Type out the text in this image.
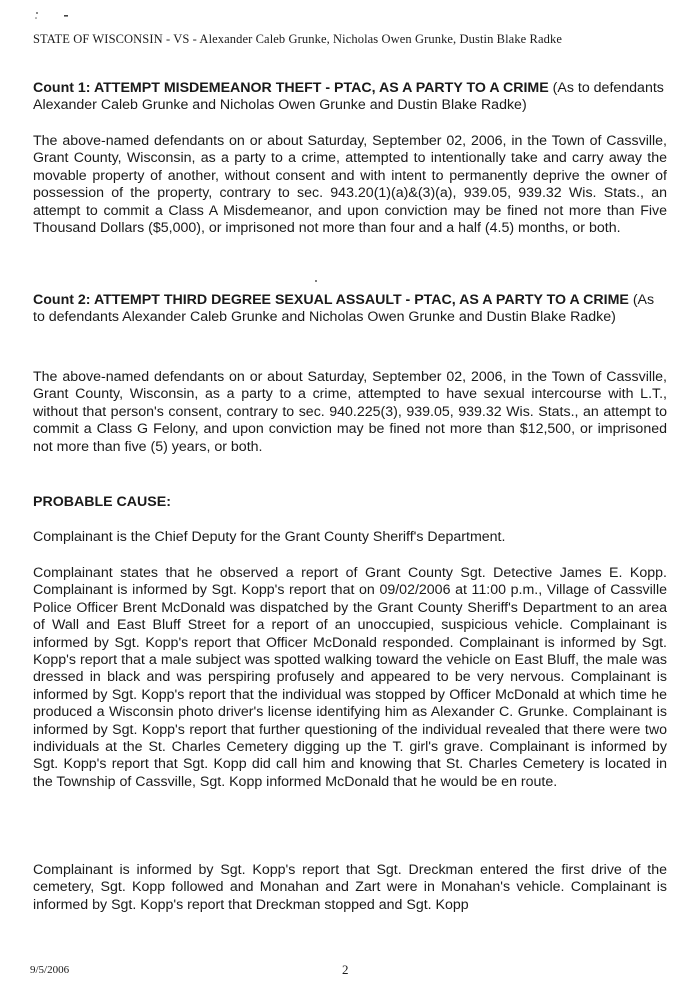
STATE OF WISCONSIN - VS - Alexander Caleb Grunke, Nicholas Owen Grunke, Dustin Blake Radke
Count 1: ATTEMPT MISDEMEANOR THEFT - PTAC, AS A PARTY TO A CRIME (As to defendants Alexander Caleb Grunke and Nicholas Owen Grunke and Dustin Blake Radke)
The above-named defendants on or about Saturday, September 02, 2006, in the Town of Cassville, Grant County, Wisconsin, as a party to a crime, attempted to intentionally take and carry away the movable property of another, without consent and with intent to permanently deprive the owner of possession of the property, contrary to sec. 943.20(1)(a)&(3)(a), 939.05, 939.32 Wis. Stats., an attempt to commit a Class A Misdemeanor, and upon conviction may be fined not more than Five Thousand Dollars ($5,000), or imprisoned not more than four and a half (4.5) months, or both.
Count 2: ATTEMPT THIRD DEGREE SEXUAL ASSAULT - PTAC, AS A PARTY TO A CRIME (As to defendants Alexander Caleb Grunke and Nicholas Owen Grunke and Dustin Blake Radke)
The above-named defendants on or about Saturday, September 02, 2006, in the Town of Cassville, Grant County, Wisconsin, as a party to a crime, attempted to have sexual intercourse with L.T., without that person's consent, contrary to sec. 940.225(3), 939.05, 939.32 Wis. Stats., an attempt to commit a Class G Felony, and upon conviction may be fined not more than $12,500, or imprisoned not more than five (5) years, or both.
PROBABLE CAUSE:
Complainant is the Chief Deputy for the Grant County Sheriff's Department.
Complainant states that he observed a report of Grant County Sgt. Detective James E. Kopp. Complainant is informed by Sgt. Kopp's report that on 09/02/2006 at 11:00 p.m., Village of Cassville Police Officer Brent McDonald was dispatched by the Grant County Sheriff's Department to an area of Wall and East Bluff Street for a report of an unoccupied, suspicious vehicle. Complainant is informed by Sgt. Kopp's report that Officer McDonald responded. Complainant is informed by Sgt. Kopp's report that a male subject was spotted walking toward the vehicle on East Bluff, the male was dressed in black and was perspiring profusely and appeared to be very nervous. Complainant is informed by Sgt. Kopp's report that the individual was stopped by Officer McDonald at which time he produced a Wisconsin photo driver's license identifying him as Alexander C. Grunke. Complainant is informed by Sgt. Kopp's report that further questioning of the individual revealed that there were two individuals at the St. Charles Cemetery digging up the T. girl's grave. Complainant is informed by Sgt. Kopp's report that Sgt. Kopp did call him and knowing that St. Charles Cemetery is located in the Township of Cassville, Sgt. Kopp informed McDonald that he would be en route.
Complainant is informed by Sgt. Kopp's report that Sgt. Dreckman entered the first drive of the cemetery, Sgt. Kopp followed and Monahan and Zart were in Monahan's vehicle. Complainant is informed by Sgt. Kopp's report that Dreckman stopped and Sgt. Kopp
9/5/2006	2
